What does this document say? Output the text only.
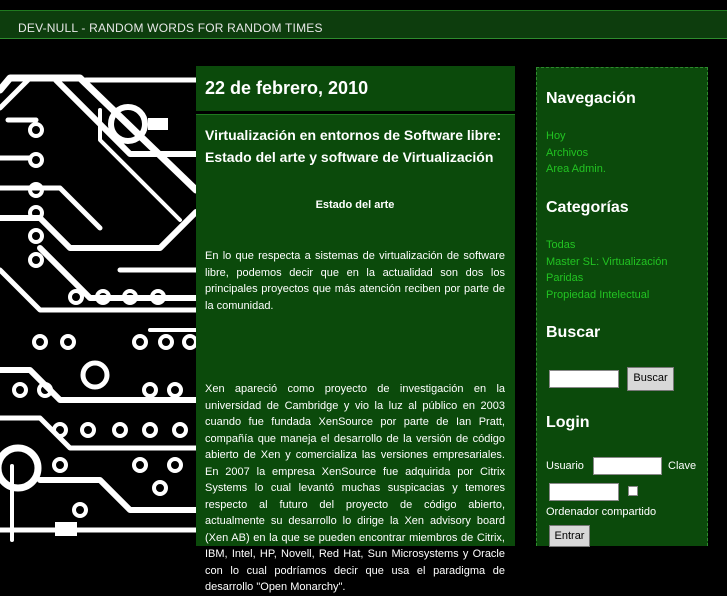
DEV-NULL - RANDOM WORDS FOR RANDOM TIMES
22 de febrero, 2010
Virtualización en entornos de Software libre: Estado del arte y software de Virtualización
Estado del arte

En lo que respecta a sistemas de virtualización de software libre, podemos decir que en la actualidad son dos los principales proyectos que más atención reciben por parte de la comunidad.

Xen apareció como proyecto de investigación en la universidad de Cambridge y vio la luz al público en 2003 cuando fue fundada XenSource por parte de Ian Pratt, compañía que maneja el desarrollo de la versión de código abierto de Xen y comercializa las versiones empresariales. En 2007 la empresa XenSource fue adquirida por Citrix Systems lo cual levantó muchas suspicacias y temores respecto al futuro del proyecto de código abierto, actualmente su desarrollo lo dirige la Xen advisory board (Xen AB) en la que se pueden encontrar miembros de Citrix, IBM, Intel, HP, Novell, Red Hat, Sun Microsystems y Oracle con lo cual podríamos decir que usa el paradigma de desarrollo "Open Monarchy".

Navegación
Hoy
Archivos
Area Admin.
Categorías
Todas
Master SL: Virtualización
Paridas
Propiedad Intelectual
Buscar
Buscar
Login
Usuario	Clave
Ordenador compartido
Entrar
